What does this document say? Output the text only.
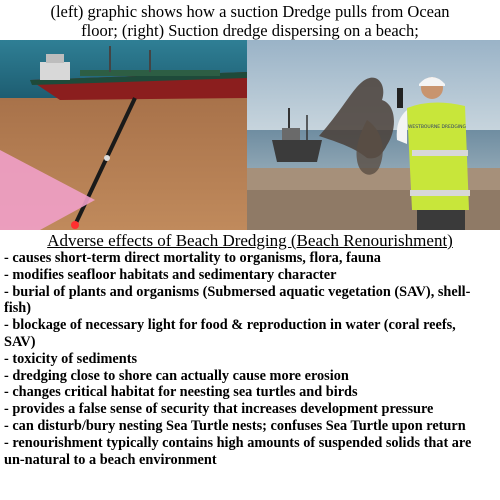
(left) graphic shows how a suction Dredge pulls from Ocean
floor; (right) Suction dredge dispersing on a beach;
WESTBOURNE DREDGING
Adverse effects of Beach Dredging (Beach Renourishment)
- causes short-term direct mortality to organisms, flora, fauna
- modifies seafloor habitats and sedimentary character
- burial of plants and organisms (Submersed aquatic vegetation (SAV), shell-
fish)
- blockage of necessary light for food & reproduction in water (coral reefs,
SAV)
- toxicity of sediments
- dredging close to shore can actually cause more erosion
- changes critical habitat for neesting sea turtles and birds
- provides a false sense of security that increases development pressure
- can disturb/bury nesting Sea Turtle nests; confuses Sea Turtle upon return
- renourishment typically contains high amounts of suspended solids that are
un-natural to a beach environment
